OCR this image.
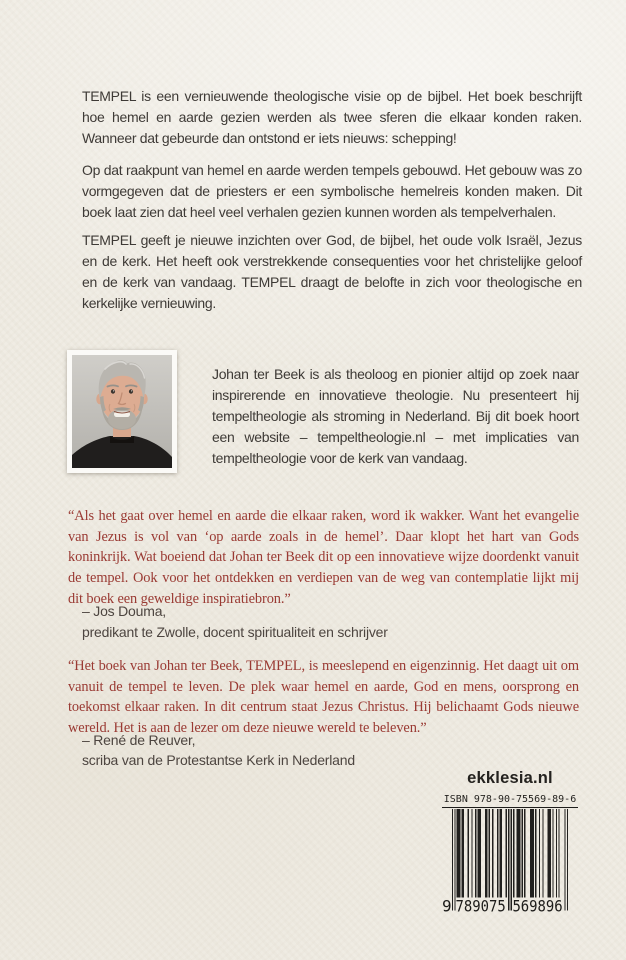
TEMPEL is een vernieuwende theologische visie op de bijbel. Het boek beschrijft hoe hemel en aarde gezien werden als twee sferen die elkaar konden raken. Wanneer dat gebeurde dan ontstond er iets nieuws: schepping!

Op dat raakpunt van hemel en aarde werden tempels gebouwd. Het gebouw was zo vormgegeven dat de priesters er een symbolische hemelreis konden maken. Dit boek laat zien dat heel veel verhalen gezien kunnen worden als tempelverhalen.

TEMPEL geeft je nieuwe inzichten over God, de bijbel, het oude volk Israël, Jezus en de kerk. Het heeft ook verstrekkende consequenties voor het christelijke geloof en de kerk van vandaag. TEMPEL draagt de belofte in zich voor theologische en kerkelijke vernieuwing.

Johan ter Beek is als theoloog en pionier altijd op zoek naar inspirerende en innovatieve theologie. Nu presenteert hij tempeltheologie als stroming in Nederland. Bij dit boek hoort een website – tempeltheologie.nl – met implicaties van tempeltheologie voor de kerk van vandaag.

“Als het gaat over hemel en aarde die elkaar raken, word ik wakker. Want het evangelie van Jezus is vol van ‘op aarde zoals in de hemel’. Daar klopt het hart van Gods koninkrijk. Wat boeiend dat Johan ter Beek dit op een innovatieve wijze doordenkt vanuit de tempel. Ook voor het ontdekken en verdiepen van de weg van contemplatie lijkt mij dit boek een geweldige inspiratiebron.”

– Jos Douma,

predikant te Zwolle, docent spiritualiteit en schrijver

“Het boek van Johan ter Beek, TEMPEL, is meeslepend en eigenzinnig. Het daagt uit om vanuit de tempel te leven. De plek waar hemel en aarde, God en mens, oorsprong en toekomst elkaar raken. In dit centrum staat Jezus Christus. Hij belichaamt Gods nieuwe wereld. Het is aan de lezer om deze nieuwe wereld te beleven.”

– René de Reuver,

scriba van de Protestantse Kerk in Nederland

ekklesia.nl
ISBN 978-90-75569-89-6
9 789075 569896
